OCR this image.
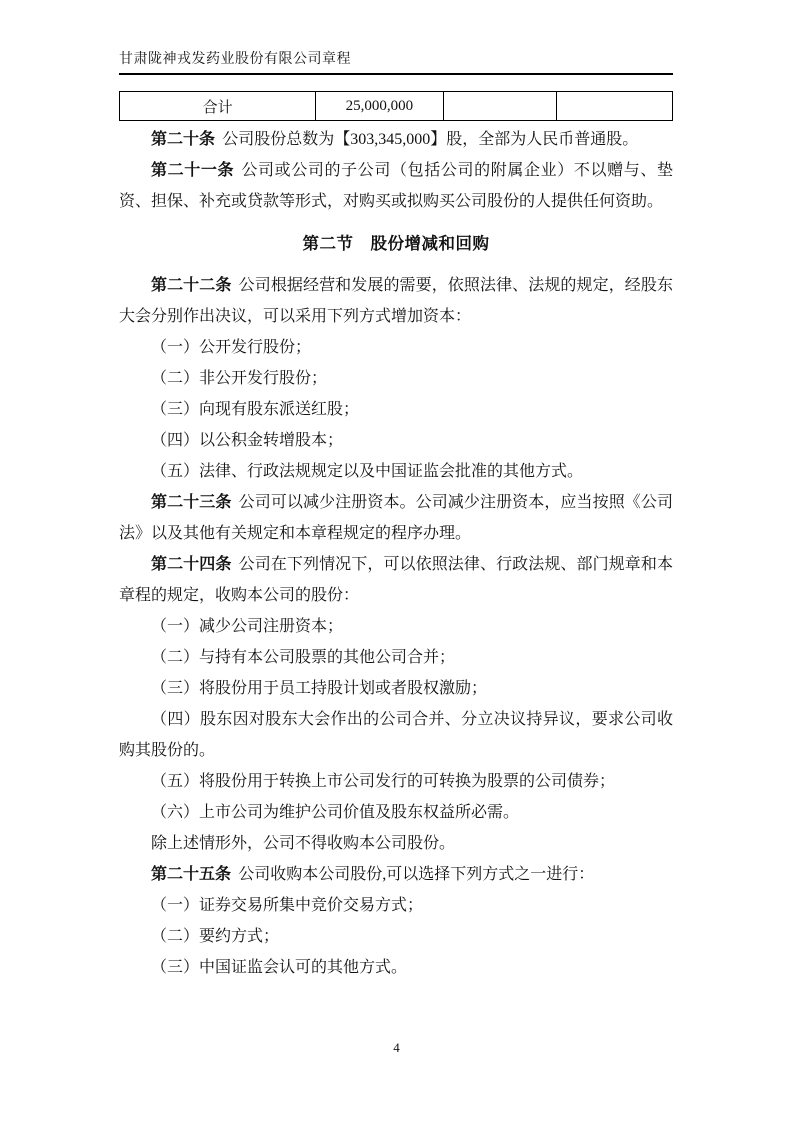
甘肃陇神戎发药业股份有限公司章程
合计	25,000,000		

第二十条 公司股份总数为【303,345,000】股，全部为人民币普通股。

第二十一条 公司或公司的子公司（包括公司的附属企业）不以赠与、垫资、担保、补充或贷款等形式，对购买或拟购买公司股份的人提供任何资助。

第二节　股份增减和回购

第二十二条 公司根据经营和发展的需要，依照法律、法规的规定，经股东大会分别作出决议，可以采用下列方式增加资本：

（一）公开发行股份；

（二）非公开发行股份；

（三）向现有股东派送红股；

（四）以公积金转增股本；

（五）法律、行政法规规定以及中国证监会批准的其他方式。

第二十三条 公司可以减少注册资本。公司减少注册资本，应当按照《公司法》以及其他有关规定和本章程规定的程序办理。

第二十四条 公司在下列情况下，可以依照法律、行政法规、部门规章和本章程的规定，收购本公司的股份：

（一）减少公司注册资本；

（二）与持有本公司股票的其他公司合并；

（三）将股份用于员工持股计划或者股权激励；

（四）股东因对股东大会作出的公司合并、分立决议持异议，要求公司收购其股份的。

（五）将股份用于转换上市公司发行的可转换为股票的公司债券；

（六）上市公司为维护公司价值及股东权益所必需。

除上述情形外，公司不得收购本公司股份。

第二十五条 公司收购本公司股份,可以选择下列方式之一进行：

（一）证券交易所集中竞价交易方式；

（二）要约方式；

（三）中国证监会认可的其他方式。

4
